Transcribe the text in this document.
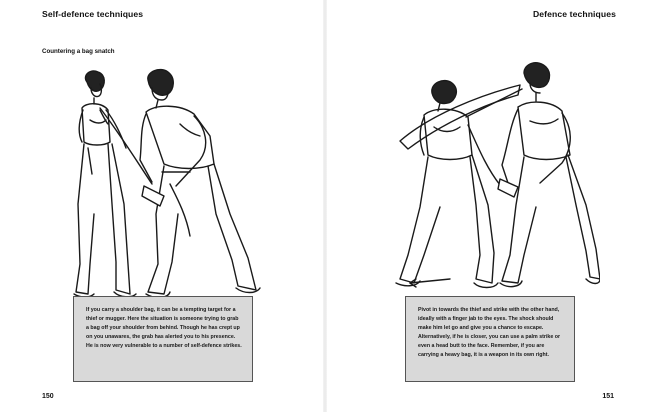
Self-defence techniques
Countering a bag snatch
If you carry a shoulder bag, it can be a tempting target for a thief or mugger. Here the situation is someone trying to grab a bag off your shoulder from behind. Though he has crept up on you unawares, the grab has alerted you to his presence. He is now very vulnerable to a number of self-defence strikes.
150
Defence techniques
Pivot in towards the thief and strike with the other hand, ideally with a finger jab to the eyes. The shock should make him let go and give you a chance to escape. Alternatively, if he is closer, you can use a palm strike or even a head butt to the face. Remember, if you are carrying a heavy bag, it is a weapon in its own right.
151
